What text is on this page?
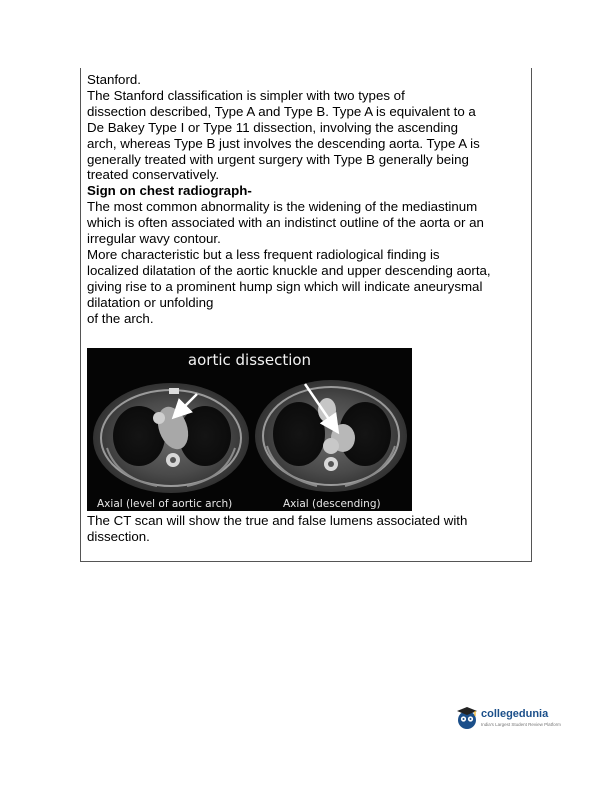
Stanford.

The Stanford classification is simpler with two types of

dissection described, Type A and Type B. Type A is equivalent to a

De Bakey Type I or Type 11 dissection, involving the ascending

arch, whereas Type B just involves the descending aorta. Type A is

generally treated with urgent surgery with Type B generally being

treated conservatively.

Sign on chest radiograph-

The most common abnormality is the widening of the mediastinum

which is often associated with an indistinct outline of the aorta or an

irregular wavy contour.

More characteristic but a less frequent radiological finding is

localized dilatation of the aortic knuckle and upper descending aorta,

giving rise to a prominent hump sign which will indicate aneurysmal

dilatation or unfolding

of the arch.

aortic dissection
Axial (level of aortic arch)	Axial (descending)

The CT scan will show the true and false lumens associated with

dissection.

collegedunia
India's Largest Student Review Platform
